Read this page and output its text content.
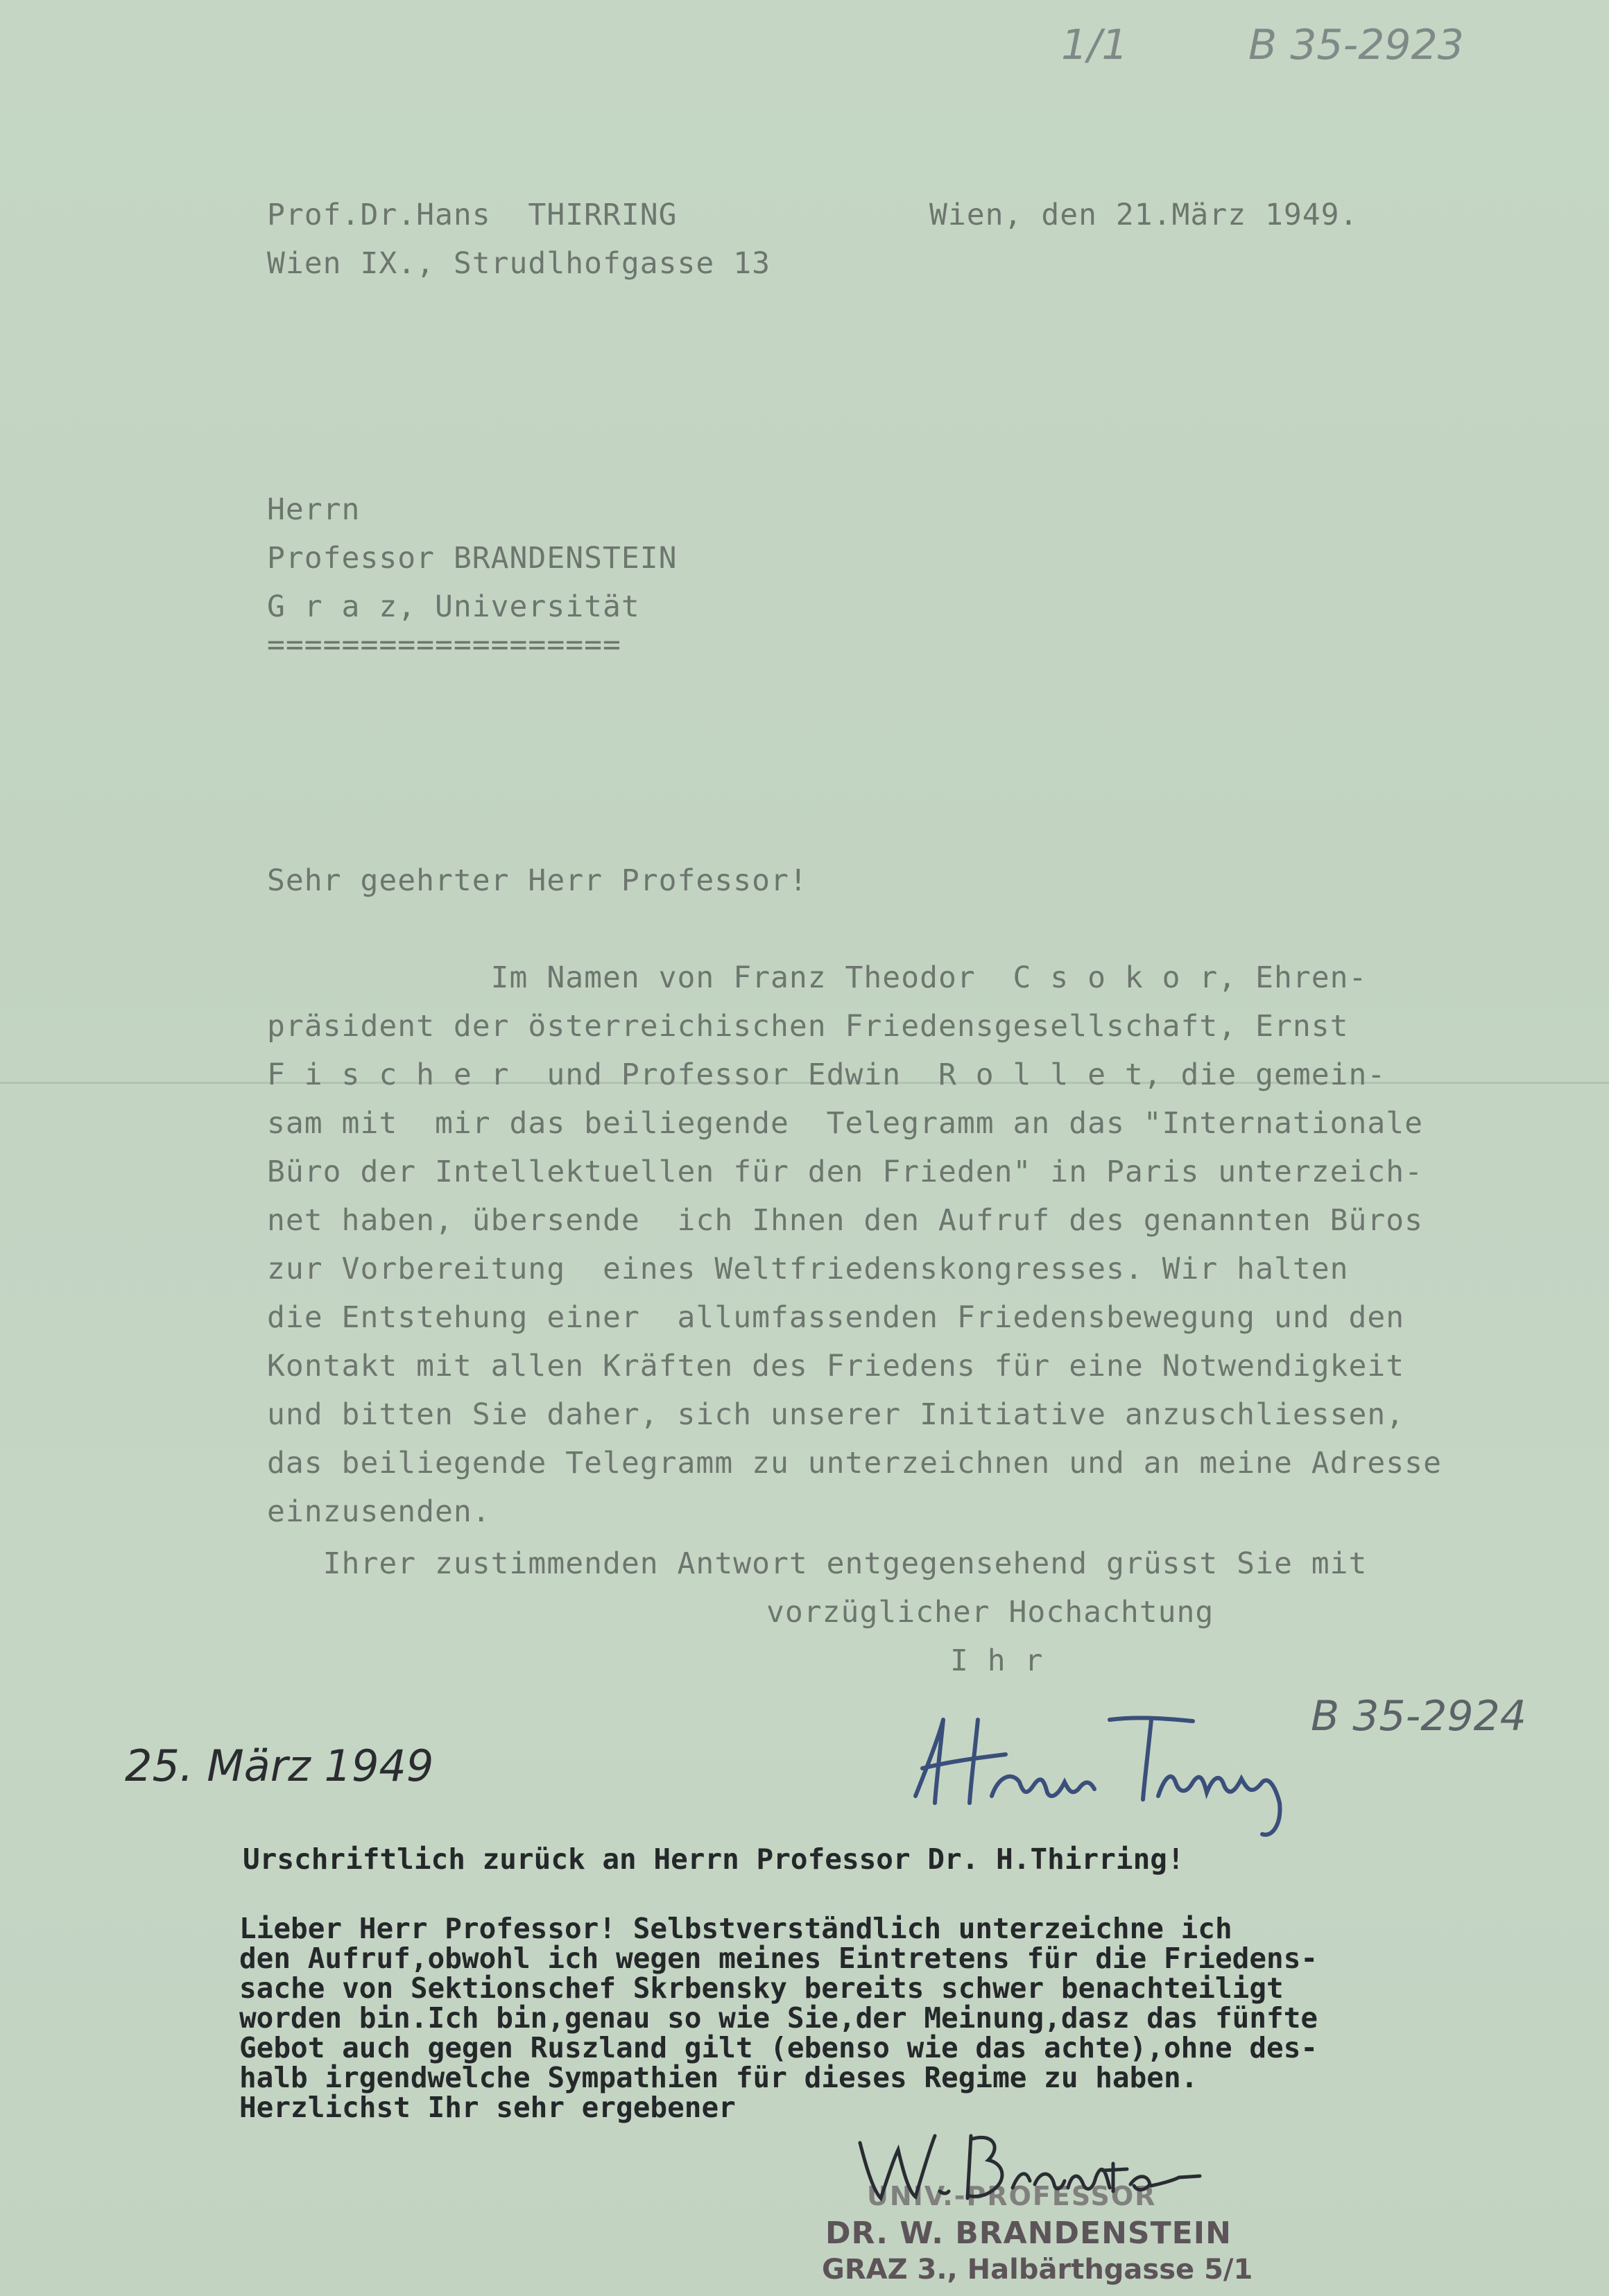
1/1	B 35-2923
B 35-2924
Prof.Dr.Hans  THIRRING
Wien IX., Strudlhofgasse 13
Wien, den 21.März 1949.
Herrn
Professor BRANDENSTEIN
G r a z, Universität
===================
Sehr geehrter Herr Professor!
Im Namen von Franz Theodor  C s o k o r, Ehren-
präsident der österreichischen Friedensgesellschaft, Ernst
F i s c h e r  und Professor Edwin  R o l l e t, die gemein-
sam mit  mir das beiliegende  Telegramm an das "Internationale
Büro der Intellektuellen für den Frieden" in Paris unterzeich-
net haben, übersende  ich Ihnen den Aufruf des genannten Büros
zur Vorbereitung  eines Weltfriedenskongresses. Wir halten
die Entstehung einer  allumfassenden Friedensbewegung und den
Kontakt mit allen Kräften des Friedens für eine Notwendigkeit
und bitten Sie daher, sich unserer Initiative anzuschliessen,
das beiliegende Telegramm zu unterzeichnen und an meine Adresse
einzusenden.
Ihrer zustimmenden Antwort entgegensehend grüsst Sie mit
vorzüglicher Hochachtung
I h r
25. März 1949
Urschriftlich zurück an Herrn Professor Dr. H.Thirring!
Lieber Herr Professor! Selbstverständlich unterzeichne ich
den Aufruf,obwohl ich wegen meines Eintretens für die Friedens-
sache von Sektionschef Skrbensky bereits schwer benachteiligt
worden bin.Ich bin,genau so wie Sie,der Meinung,dasz das fünfte
Gebot auch gegen Ruszland gilt (ebenso wie das achte),ohne des-
halb irgendwelche Sympathien für dieses Regime zu haben.
Herzlichst Ihr sehr ergebener
UNIV.-PROFESSOR
DR. W. BRANDENSTEIN
GRAZ 3., Halbärthgasse 5/1
